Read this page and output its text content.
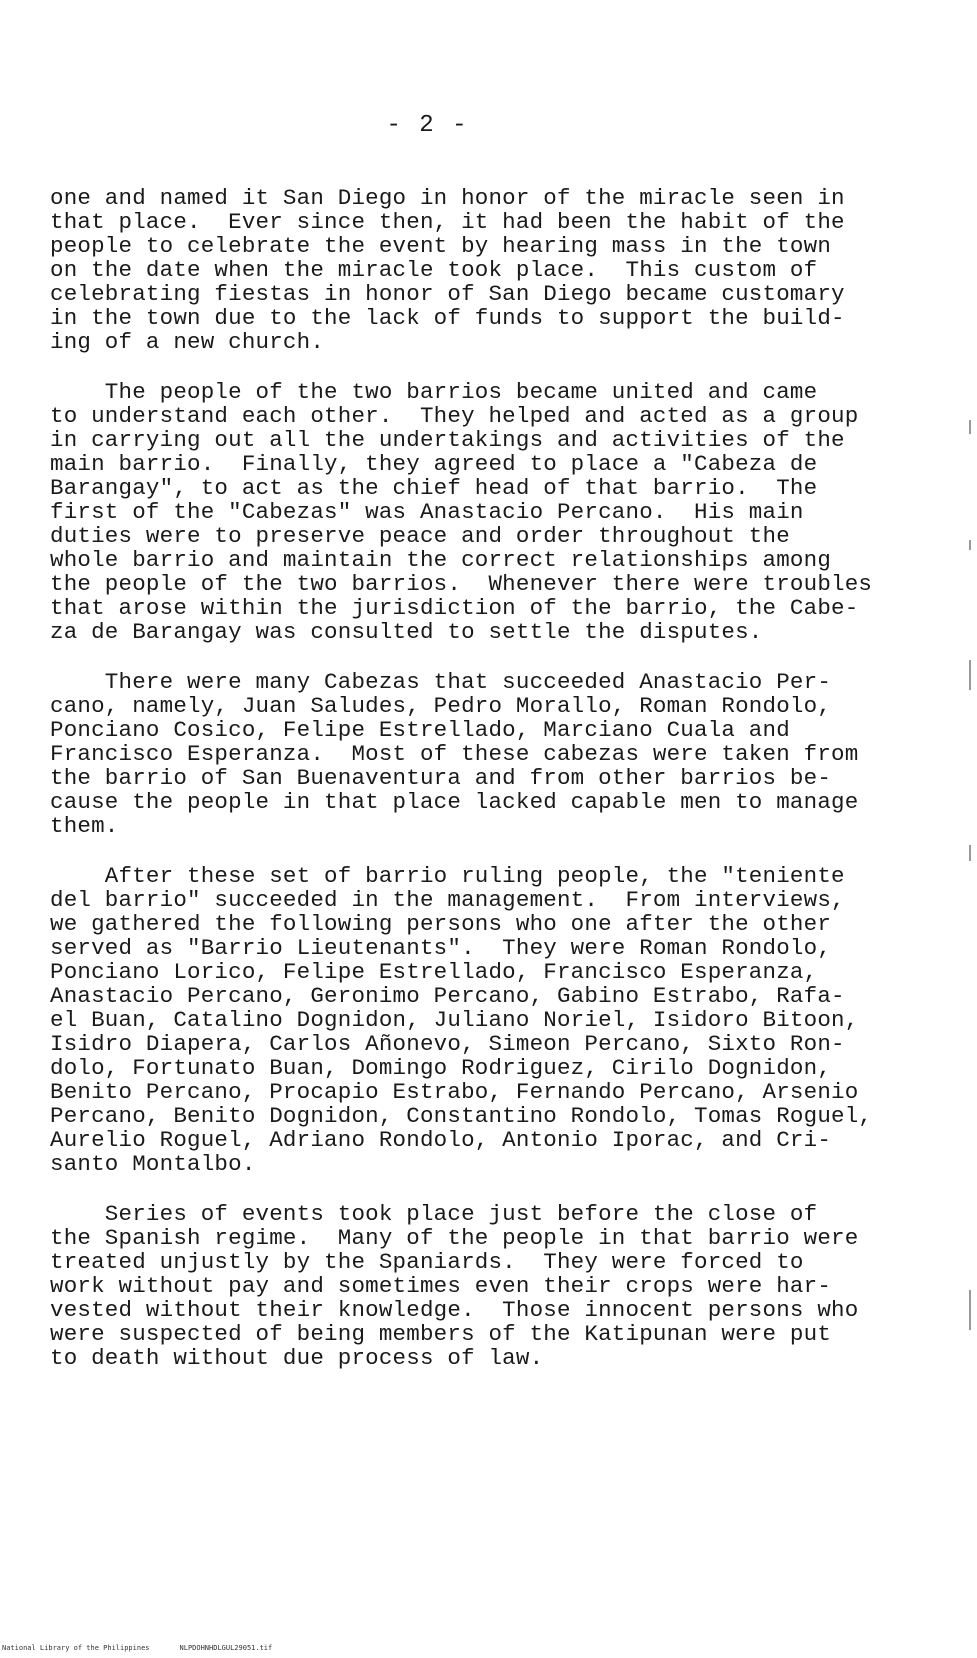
- 2 -

one and named it San Diego in honor of the miracle seen in
that place.  Ever since then, it had been the habit of the
people to celebrate the event by hearing mass in the town
on the date when the miracle took place.  This custom of
celebrating fiestas in honor of San Diego became customary
in the town due to the lack of funds to support the build-
ing of a new church.

The people of the two barrios became united and came
to understand each other.  They helped and acted as a group
in carrying out all the undertakings and activities of the
main barrio.  Finally, they agreed to place a "Cabeza de
Barangay", to act as the chief head of that barrio.  The
first of the "Cabezas" was Anastacio Percano.  His main
duties were to preserve peace and order throughout the
whole barrio and maintain the correct relationships among
the people of the two barrios.  Whenever there were troubles
that arose within the jurisdiction of the barrio, the Cabe-
za de Barangay was consulted to settle the disputes.

There were many Cabezas that succeeded Anastacio Per-
cano, namely, Juan Saludes, Pedro Morallo, Roman Rondolo,
Ponciano Cosico, Felipe Estrellado, Marciano Cuala and
Francisco Esperanza.  Most of these cabezas were taken from
the barrio of San Buenaventura and from other barrios be-
cause the people in that place lacked capable men to manage
them.

After these set of barrio ruling people, the "teniente
del barrio" succeeded in the management.  From interviews,
we gathered the following persons who one after the other
served as "Barrio Lieutenants".  They were Roman Rondolo,
Ponciano Lorico, Felipe Estrellado, Francisco Esperanza,
Anastacio Percano, Geronimo Percano, Gabino Estrabo, Rafa-
el Buan, Catalino Dognidon, Juliano Noriel, Isidoro Bitoon,
Isidro Diapera, Carlos Añonevo, Simeon Percano, Sixto Ron-
dolo, Fortunato Buan, Domingo Rodriguez, Cirilo Dognidon,
Benito Percano, Procapio Estrabo, Fernando Percano, Arsenio
Percano, Benito Dognidon, Constantino Rondolo, Tomas Roguel,
Aurelio Roguel, Adriano Rondolo, Antonio Iporac, and Cri-
santo Montalbo.

Series of events took place just before the close of
the Spanish regime.  Many of the people in that barrio were
treated unjustly by the Spaniards.  They were forced to
work without pay and sometimes even their crops were har-
vested without their knowledge.  Those innocent persons who
were suspected of being members of the Katipunan were put
to death without due process of law.

National Library of the Philippines	NLPDOHNHDLGUL29051.tif
